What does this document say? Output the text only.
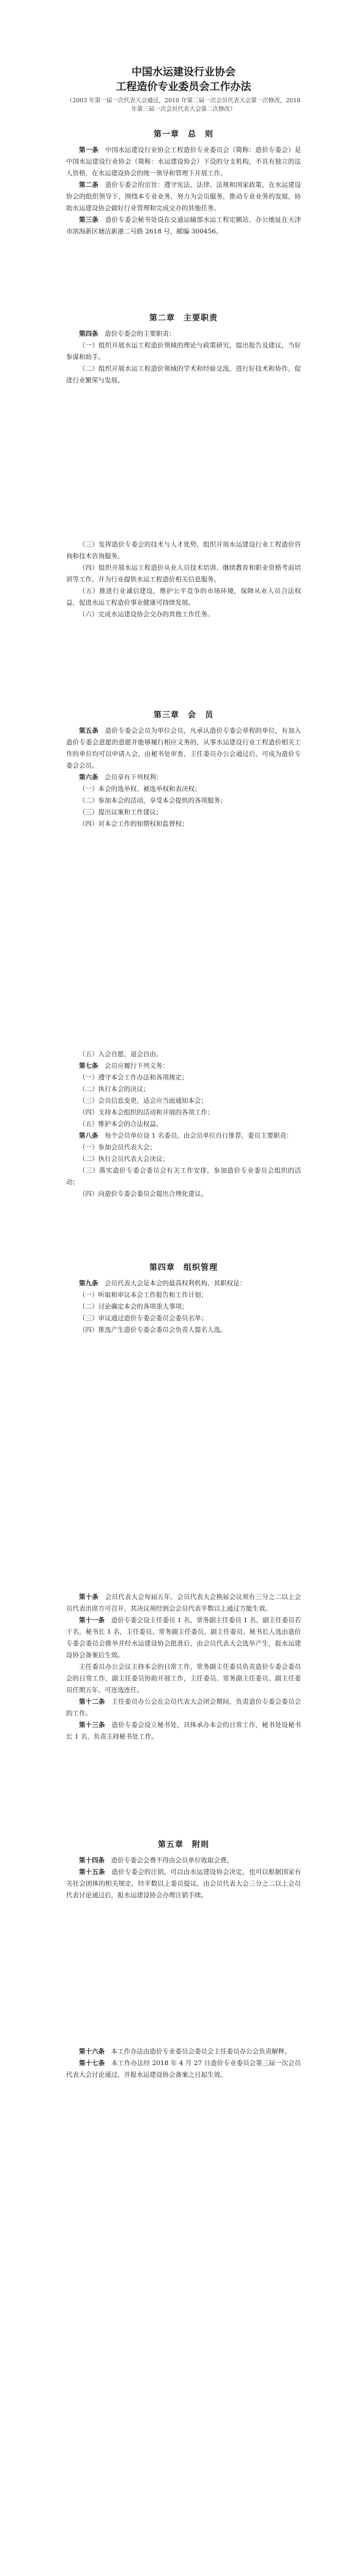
中国水运建设行业协会

工程造价专业委员会工作办法

（2003 年第一届一次代表大会通过，2010 年第二届一次会员代表大会第一次修改，2018 年第三届一次会员代表大会第二次修改）

第一章　总　则

第一条　 中国水运建设行业协会工程造价专业委员会（简称：造价专委会）是中国水运建设行业协会（简称：水运建设协会）下设的分支机构，不具有独立的法人资格，在水运建设协会的统一领导和管理下开展工作。

第二条　 造价专委会的宗旨：遵守宪法、法律、法规和国家政策，在水运建设协会的组织领导下，围绕本专业业务，努力为会员服务，推动专业业务的发展，协助水运建设协会做好行业管理和完成交办的其他任务。

第三条　 造价专委会秘书处设在交通运输部水运工程定额站，办公地址在天津市滨海新区塘沽新港二号路 2618 号，邮编 300456。

第二章　主要职责

第四条　 造价专委会的主要职责：

（一）组织开展水运工程造价领域的理论与政策研究，提出报告及建议，当好参谋和助手。

（二）组织开展水运工程造价领域的学术和经验交流，进行好技术和协作，促进行业繁荣与发展。

（三）发挥造价专委会的技术与人才优势，组织开展水运建设行业工程造价咨询和技术咨询服务。

（四）组织开展水运工程造价从业人员技术培训、继续教育和职业资格考前培训等工作，并为行业提供水运工程造价相关信息服务。

（五）推进行业诚信建设，维护公平竞争的市场环境，保障从业人员合法权益，促进水运工程造价事业健康可持续发展。

（六）完成水运建设协会交办的其他工作任务。

第三章　会　员

第五条　 造价专委会会员为单位会员，凡承认造价专委会章程的单位，有加入造价专委会意愿的意愿并能够履行相应义务的，从事水运建设行业工程造价相关工作的单位均可以申请入会，由秘书处审查，主任委员办公会通过后，可成为造价专委会会员。

第六条　 会员享有下列权利：

（一）本会的选举权、被选举权和表决权；

（二）参加本会的活动，享受本会提供的各项服务；

（三）提出议案和工作建议；

（四）对本会工作的知情权和监督权；

（五）入会自愿，退会自由。

第七条　 会员应履行下列义务：

（一）遵守本会工作办法和各项规定；

（二）执行本会的决议；

（三）会员信息变更，适会应当面通知本会；

（四）支持本会组织的活动和开展的各项工作；

（五）维护本会的合法权益。

第八条　 每个会员单位设 1 名委员，由会员单位自行推荐，委员主要职责：

（一）参加会员代表大会；

（二）执行会员代表大会决议；

（三）落实造价专委会委员会有关工作安排，参加造价专业委员会组织的活动；

（四）向造价专委会委员会提出合理化建议。

第四章　组织管理

第九条　 会员代表大会是本会的最高权利机构，其职权是：

（一）听取和审议本会工作报告和工作计划；

（二）讨论确定本会的各项重大事项；

（三）审议通过造价专委会委员会委员名单；

（四）推选产生造价专委会委员会负责人提名人选。

第十条　 会员代表大会每届五年，会员代表大会换届会议须有三分之二以上会员代表出席方可召开，其决议须经到会会员代表半数以上通过方能生效。

第十一条　 造价专委会设主任委员 1 名，常务副主任委员 1 名，副主任委员若干名，秘书长 1 名，主任委员、常务副主任委员、副主任委员、秘书长人选由造价专委会委员会推举并经水运建设协会批准后，由会员代表大会选举产生，报水运建设协会备案后生效。

主任委员办公会议主持本会的日常工作，常务副主任委员负责造价专委会委员会的日常工作，副主任委员协助开展工作，主任委员、常务副主任委员、副主任委员任期五年，可连选连任。

第十二条　 主任委员办公会在会员代表大会闭会期间，负责造价专委会委员会的工作。

第十三条　 造价专委会设立秘书处，具体承办本会的日常工作，秘书处设秘书长 1 名，负责主持秘书处工作。

第五章　附则

第十四条　 造价专委会会费不得由会员单位收取会费。

第十五条　 造价专委会的注销，可以由水运建设协会决定，也可以根据国家有关社会团体的相关规定，经半数以上委员提议，由会员代表大会三分之二以上会员代表讨论通过后，报水运建设协会办理注销手续。

第十六条　 本工作办法由造价专业委员会委员会主任委员办公会负责解释。

第十七条　 本工作办法经 2018 年 4 月 27 日造价专业委员会第三届一次会员代表大会讨论通过，并报水运建设协会备案之日起生效。
